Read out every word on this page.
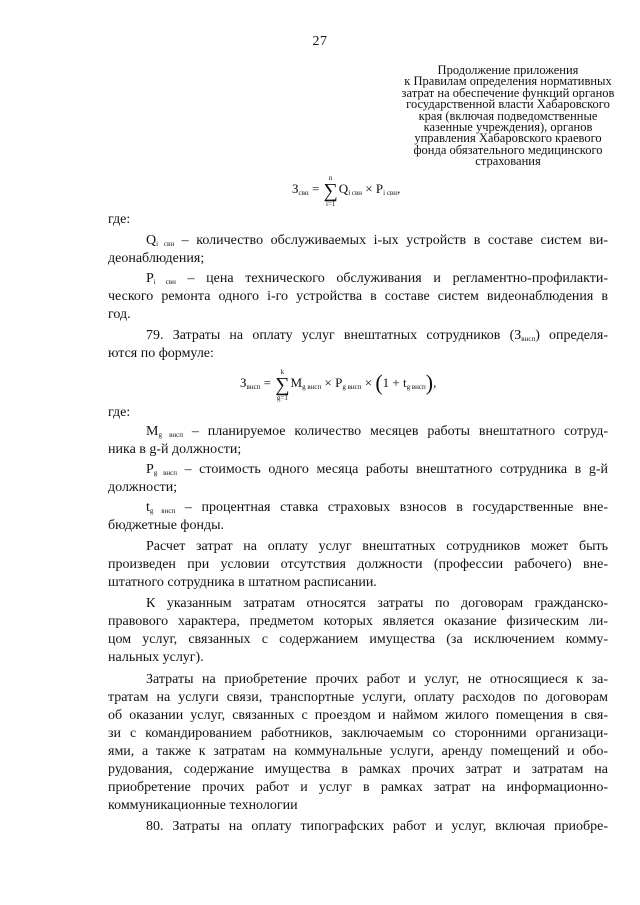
27
Продолжение приложения
к Правилам определения нормативных
затрат на обеспечение функций органов
государственной власти Хабаровского
края (включая подведомственные
казенные учреждения), органов
управления Хабаровского краевого
фонда обязательного медицинского
страхования
$З_{свн}$ = ∑
n
i=1
$Q_{i свн} \times P_{i свн}$,
где:
Qi свн – количество обслуживаемых i-ых устройств в составе систем ви-
деонаблюдения;
Pi свн – цена технического обслуживания и регламентно-профилакти-
ческого ремонта одного i-го устройства в составе систем видеонаблюдения в
год.
79. Затраты на оплату услуг внештатных сотрудников (Звнсп) определя-
ются по формуле:
$З_{внсп}$ = ∑
k
g=1
$M_{g внсп} \times P_{g внсп} \times (1 + t_{g внсп})$,
где:
Mg внсп – планируемое количество месяцев работы внештатного сотруд-
ника в g-й должности;
Pg внсп – стоимость одного месяца работы внештатного сотрудника в g-й
должности;
tg внсп – процентная ставка страховых взносов в государственные вне-
бюджетные фонды.
Расчет затрат на оплату услуг внештатных сотрудников может быть
произведен при условии отсутствия должности (профессии рабочего) вне-
штатного сотрудника в штатном расписании.
К указанным затратам относятся затраты по договорам гражданско-
правового характера, предметом которых является оказание физическим ли-
цом услуг, связанных с содержанием имущества (за исключением комму-
нальных услуг).
Затраты на приобретение прочих работ и услуг, не относящиеся к за-
тратам на услуги связи, транспортные услуги, оплату расходов по договорам
об оказании услуг, связанных с проездом и наймом жилого помещения в свя-
зи с командированием работников, заключаемым со сторонними организаци-
ями, а также к затратам на коммунальные услуги, аренду помещений и обо-
рудования, содержание имущества в рамках прочих затрат и затратам на
приобретение прочих работ и услуг в рамках затрат на информационно-
коммуникационные технологии
80. Затраты на оплату типографских работ и услуг, включая приобре-
